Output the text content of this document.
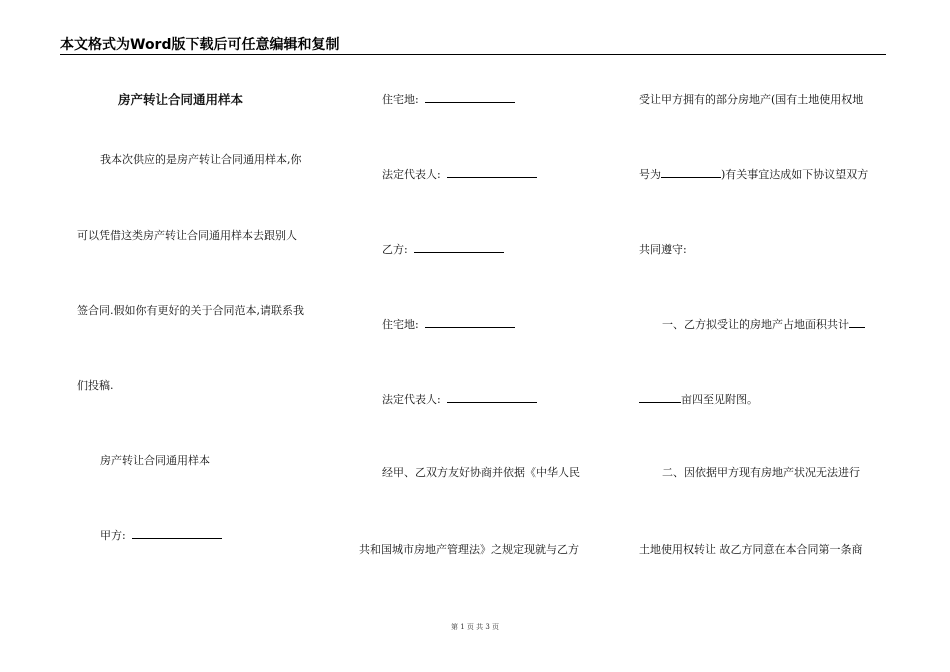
本文格式为Word版下载后可任意编辑和复制
房产转让合同通用样本
我本次供应的是房产转让合同通用样本,你
可以凭借这类房产转让合同通用样本去跟别人
签合同.假如你有更好的关于合同范本,请联系我
们投稿.
房产转让合同通用样本
甲方:
住宅地:
法定代表人:
乙方:
住宅地:
法定代表人:
经甲、乙双方友好协商并依据《中华人民
共和国城市房地产管理法》之规定现就与乙方
受让甲方拥有的部分房地产(国有土地使用权地
号为	)有关事宜达成如下协议望双方
共同遵守:
一、乙方拟受让的房地产占地面积共计
亩四至见附图。
二、因依据甲方现有房地产状况无法进行
土地使用权转让 故乙方同意在本合同第一条商
第 1 页 共 3 页
